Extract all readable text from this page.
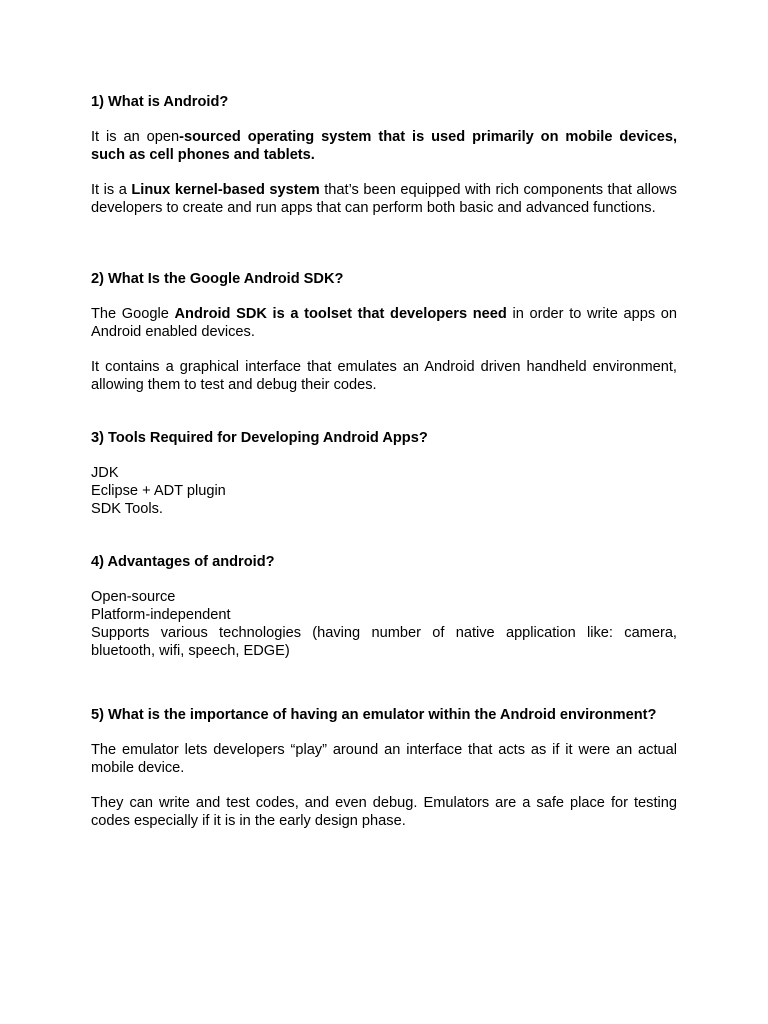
1) What is Android?

It is an open-sourced operating system that is used primarily on mobile devices, such as cell phones and tablets.

It is a Linux kernel-based system that’s been equipped with rich components that allows developers to create and run apps that can perform both basic and advanced functions.

2) What Is the Google Android SDK?

The Google Android SDK is a toolset that developers need in order to write apps on Android enabled devices.

It contains a graphical interface that emulates an Android driven handheld environment, allowing them to test and debug their codes.

3) Tools Required for Developing Android Apps?

JDK
Eclipse + ADT plugin
SDK Tools.

4) Advantages of android?

Open-source
Platform-independent
Supports various technologies (having number of native application like: camera, bluetooth, wifi, speech, EDGE)

5) What is the importance of having an emulator within the Android environment?

The emulator lets developers “play” around an interface that acts as if it were an actual mobile device.

They can write and test codes, and even debug. Emulators are a safe place for testing codes especially if it is in the early design phase.
